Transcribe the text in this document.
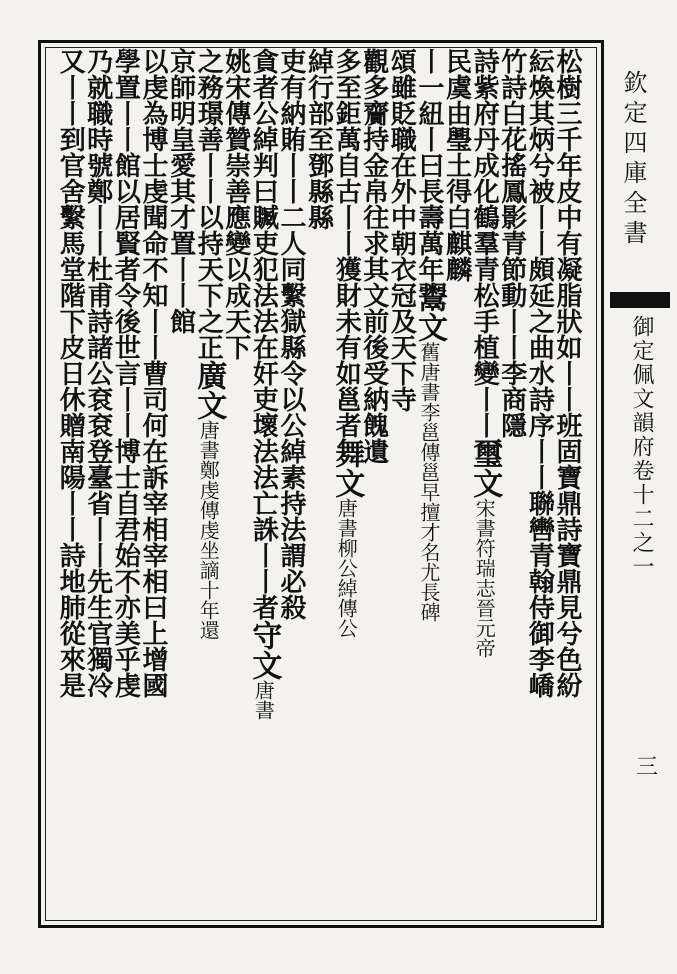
松樹三千年皮中有凝脂狀如丨丨班固寶鼎詩寶鼎見兮色紛
紜煥其炳兮被丨丨頗延之曲水詩序丨丨聯轡青翰侍御李嶠
竹詩白花搖鳳影青節動丨丨李商隱
詩紫府丹成化鶴羣青松手植變丨丨璽文宋書符瑞志晉元帝
民虞由璺土得白麒麟
丨一紐丨曰長壽萬年鬻文舊唐書李邕傳邕早擅才名尤長碑
頌雖貶職在外中朝衣冠及天下寺
觀多齎持金帛往求其文前後受納餽遺
多至鉅萬自古丨丨獲財未有如邕者舞文唐書柳公綽傳公
綽行部至鄧縣縣
吏有納賄丨丨二人同繫獄縣令以公綽素持法謂必殺
貪者公綽判曰贓吏犯法法在奸吏壞法法亡誅丨丨者守文唐書
姚宋傳贊崇善應變以成天下
之務璟善丨丨以持天下之正廣文唐書鄭虔傳虔坐謫十年還
京師明皇愛其才置丨丨館
以虔為博士虔聞命不知丨丨曹司何在訴宰相宰相曰上增國
學置丨丨館以居賢者令後世言丨丨博士自君始不亦美乎虔
乃就職時號鄭丨丨杜甫詩諸公袞袞登臺省丨丨先生官獨冷
又丨丨到官舍繫馬堂階下皮日休贈南陽丨丨詩地肺從來是
欽定四庫全書
御定佩文韻府卷十二之一
三
